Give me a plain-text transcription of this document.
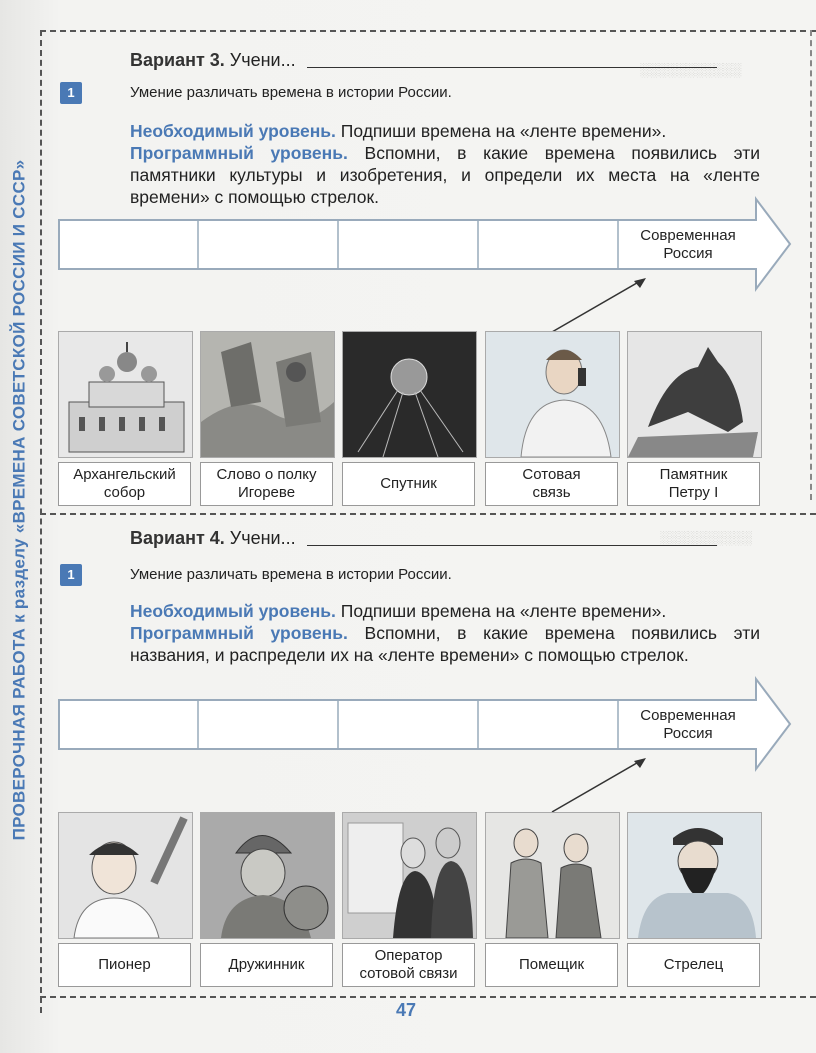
ПРОВЕРОЧНАЯ РАБОТА к разделу «ВРЕМЕНА СОВЕТСКОЙ РОССИИ И СССР»
░░░░░░░░░░░
░░░░░░░░░░
Вариант 3. Учени...
1	Умение различать времена в истории России.
Необходимый уровень. Подпиши времена на «ленте времени».
Программный уровень. Вспомни, в какие времена появились эти памятники культуры и изобретения, и определи их места на «ленте времени» с помощью стрелок.
Современная
Россия
Архангельский
собор
Слово о полку
Игореве
Спутник
Сотовая
связь
Памятник
Петру I
Вариант 4. Учени...
1	Умение различать времена в истории России.
Необходимый уровень. Подпиши времена на «ленте времени».
Программный уровень. Вспомни, в какие времена появились эти названия, и распредели их на «ленте времени» с помощью стрелок.
Современная
Россия
Пионер	Дружинник
Оператор
сотовой связи
Помещик	Стрелец
47
